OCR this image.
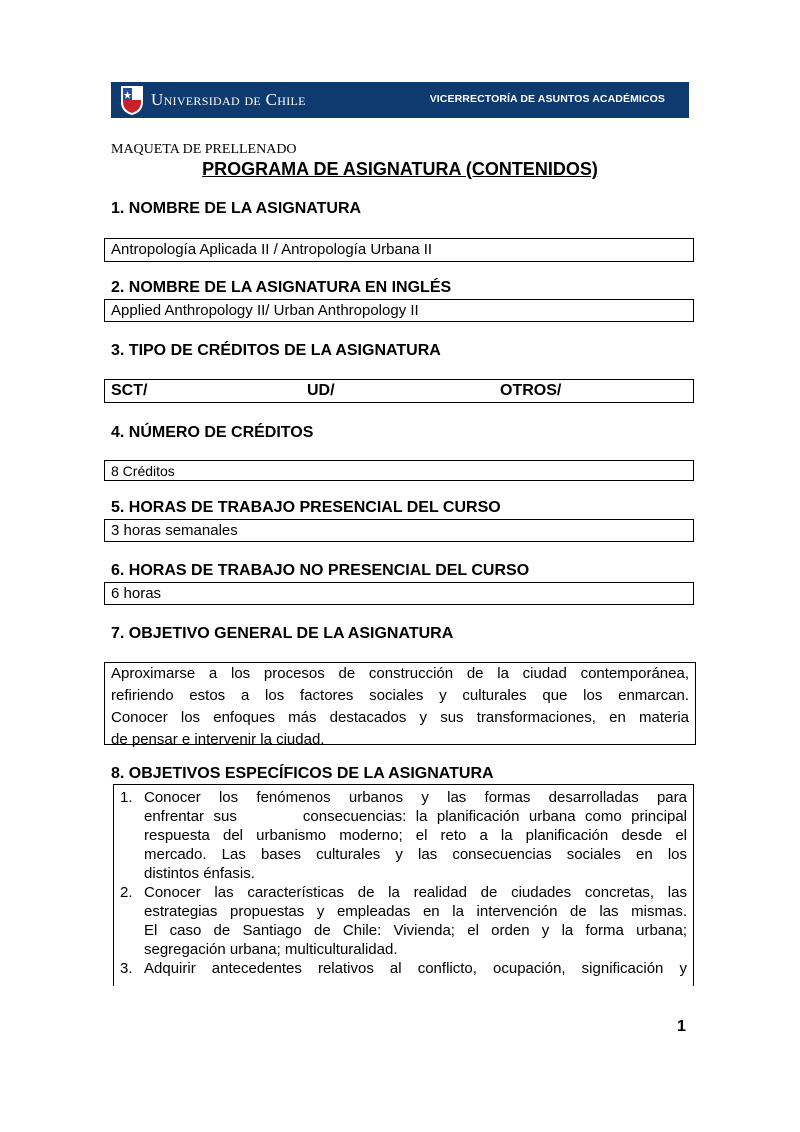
Universidad de Chile	VICERRECTORÍA DE ASUNTOS ACADÉMICOS
MAQUETA DE PRELLENADO
PROGRAMA DE ASIGNATURA (CONTENIDOS)
1. NOMBRE DE LA ASIGNATURA
Antropología Aplicada II / Antropología Urbana II
2. NOMBRE DE LA ASIGNATURA EN INGLÉS
Applied Anthropology II/ Urban Anthropology II
3. TIPO DE CRÉDITOS DE LA ASIGNATURA
SCT/	UD/	OTROS/
4. NÚMERO DE CRÉDITOS
8 Créditos
5. HORAS DE TRABAJO PRESENCIAL DEL CURSO
3 horas semanales
6. HORAS DE TRABAJO NO PRESENCIAL DEL CURSO
6 horas
7. OBJETIVO GENERAL DE LA ASIGNATURA
Aproximarse a los procesos de construcción de la ciudad contemporánea,
refiriendo estos a los factores sociales y culturales que los enmarcan.
Conocer los enfoques más destacados y sus transformaciones, en materia
de pensar e intervenir la ciudad.
8. OBJETIVOS ESPECÍFICOS DE LA ASIGNATURA
1. Conocer los fenómenos urbanos y las formas desarrolladas para
enfrentar sus       consecuencias: la planificación urbana como principal
respuesta del urbanismo moderno; el reto a la planificación desde el
mercado. Las bases culturales y las consecuencias sociales en los
distintos énfasis.
2. Conocer las características de la realidad de ciudades concretas, las
estrategias propuestas y empleadas en la intervención de las mismas.
El caso de Santiago de Chile: Vivienda; el orden y la forma urbana;
segregación urbana; multiculturalidad.
3. Adquirir antecedentes relativos al conflicto, ocupación, significación y
1
